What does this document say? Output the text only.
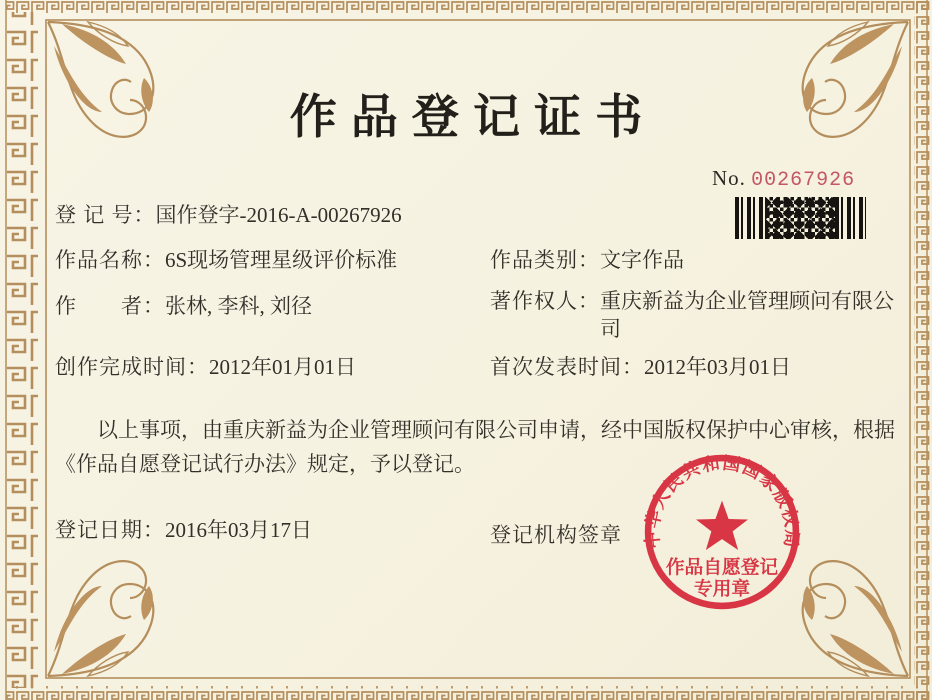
作品登记证书
No. 00267926
登 记 号：国作登字-2016-A-00267926
作品名称：6S现场管理星级评价标准	作品类别：文字作品
作　　者：张林, 李科, 刘径	著作权人： 重庆新益为企业管理顾问有限公司
创作完成时间：2012年01月01日	首次发表时间：2012年03月01日

以上事项，由重庆新益为企业管理顾问有限公司申请，经中国版权保护中心审核，根据《作品自愿登记试行办法》规定，予以登记。

登记日期：2016年03月17日	登记机构签章 中华人民共和国国家版权局
作品自愿登记
专用章
